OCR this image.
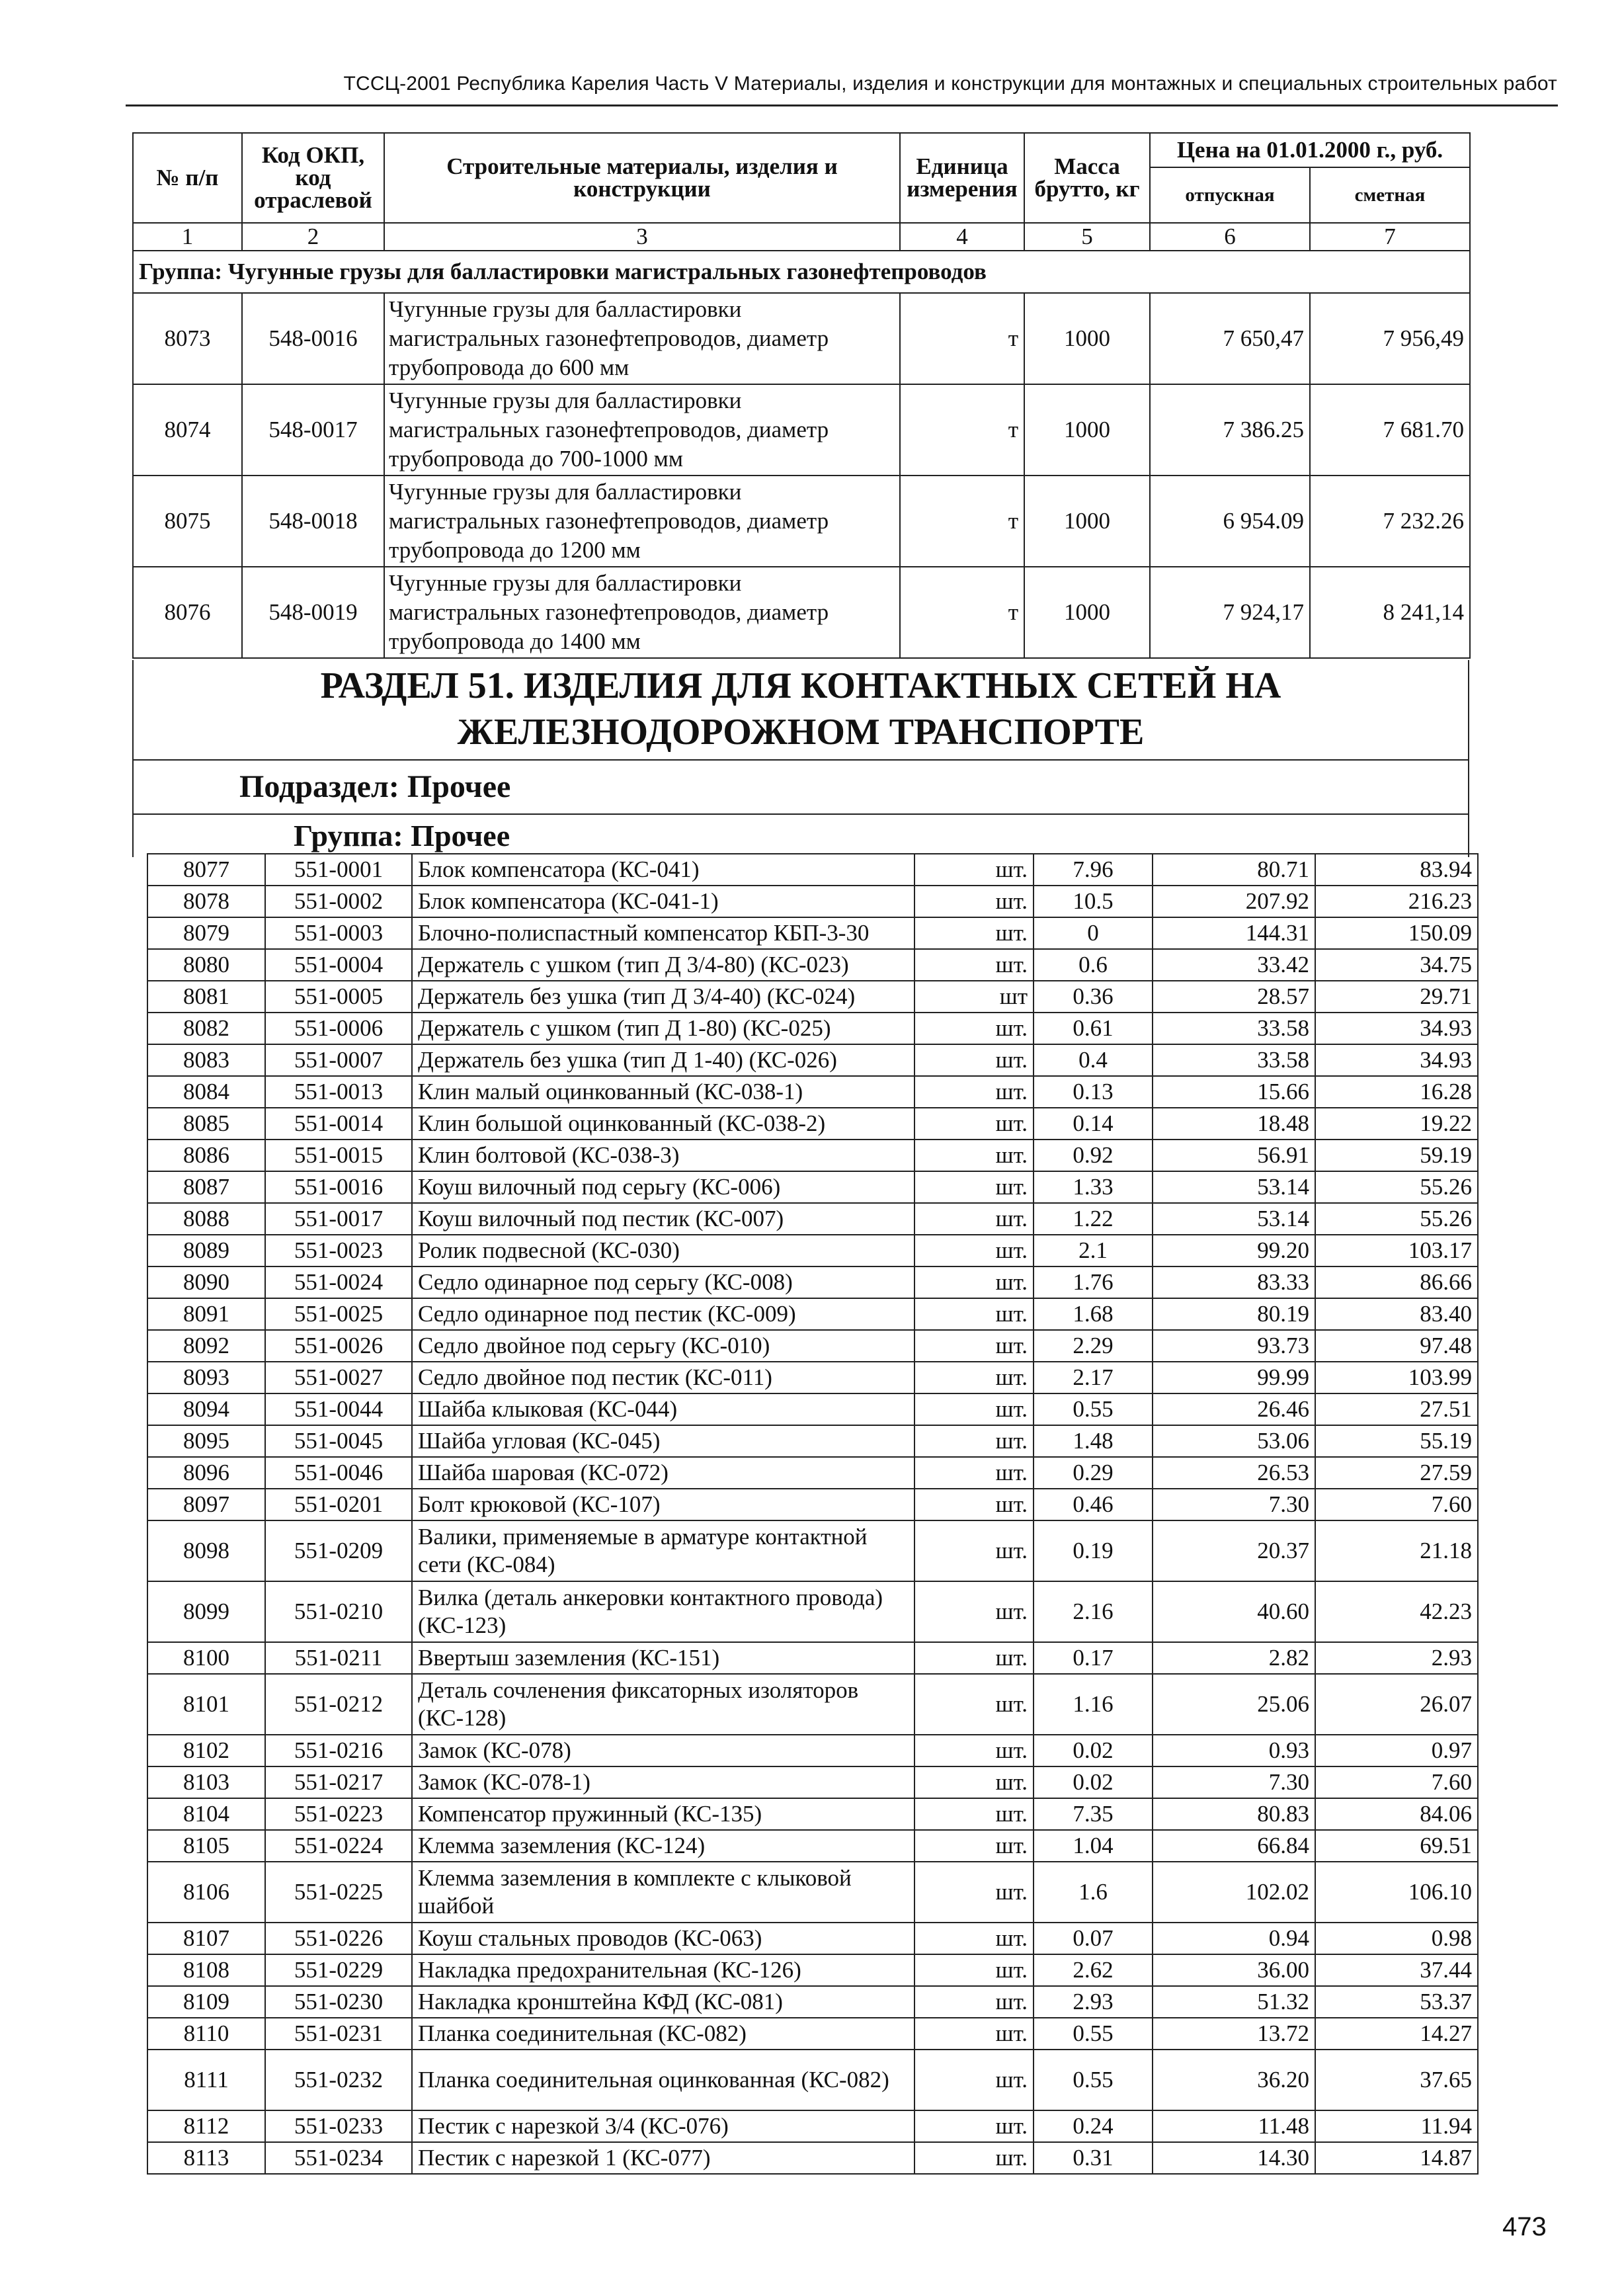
ТССЦ-2001 Республика Карелия Часть V Материалы, изделия и конструкции для монтажных и специальных строительных работ
№ п/п	Код ОКП, код отраслевой	Строительные материалы, изделия и конструкции	Единица измерения	Масса брутто, кг	Цена на 01.01.2000 г., руб.	
					отпускная	сметная
1	2	3	4	5	6	7
Группа: Чугунные грузы для балластировки магистральных газонефтепроводов						
8073	548-0016	Чугунные грузы для балластировки магистральных газонефтепроводов, диаметр трубопровода до 600 мм	т	1000	7 650,47	7 956,49
8074	548-0017	Чугунные грузы для балластировки магистральных газонефтепроводов, диаметр трубопровода до 700-1000 мм	т	1000	7 386.25	7 681.70
8075	548-0018	Чугунные грузы для балластировки магистральных газонефтепроводов, диаметр трубопровода до 1200 мм	т	1000	6 954.09	7 232.26
8076	548-0019	Чугунные грузы для балластировки магистральных газонефтепроводов, диаметр трубопровода до 1400 мм	т	1000	7 924,17	8 241,14
РАЗДЕЛ 51. ИЗДЕЛИЯ ДЛЯ КОНТАКТНЫХ СЕТЕЙ НА
ЖЕЛЕЗНОДОРОЖНОМ ТРАНСПОРТЕ
Подраздел: Прочее
Группа: Прочее
8077	551-0001	Блок компенсатора (КС-041)	шт.	7.96	80.71	83.94
8078	551-0002	Блок компенсатора (КС-041-1)	шт.	10.5	207.92	216.23
8079	551-0003	Блочно-полиспастный компенсатор КБП-3-30	шт.	0	144.31	150.09
8080	551-0004	Держатель с ушком (тип Д 3/4-80) (КС-023)	шт.	0.6	33.42	34.75
8081	551-0005	Держатель без ушка (тип Д 3/4-40) (КС-024)	шт	0.36	28.57	29.71
8082	551-0006	Держатель с ушком (тип Д 1-80) (КС-025)	шт.	0.61	33.58	34.93
8083	551-0007	Держатель без ушка (тип Д 1-40) (КС-026)	шт.	0.4	33.58	34.93
8084	551-0013	Клин малый оцинкованный (КС-038-1)	шт.	0.13	15.66	16.28
8085	551-0014	Клин большой оцинкованный (КС-038-2)	шт.	0.14	18.48	19.22
8086	551-0015	Клин болтовой (КС-038-3)	шт.	0.92	56.91	59.19
8087	551-0016	Коуш вилочный под серьгу (КС-006)	шт.	1.33	53.14	55.26
8088	551-0017	Коуш вилочный под пестик (КС-007)	шт.	1.22	53.14	55.26
8089	551-0023	Ролик подвесной (КС-030)	шт.	2.1	99.20	103.17
8090	551-0024	Седло одинарное под серьгу (КС-008)	шт.	1.76	83.33	86.66
8091	551-0025	Седло одинарное под пестик (КС-009)	шт.	1.68	80.19	83.40
8092	551-0026	Седло двойное под серьгу (КС-010)	шт.	2.29	93.73	97.48
8093	551-0027	Седло двойное под пестик (КС-011)	шт.	2.17	99.99	103.99
8094	551-0044	Шайба клыковая (КС-044)	шт.	0.55	26.46	27.51
8095	551-0045	Шайба угловая (КС-045)	шт.	1.48	53.06	55.19
8096	551-0046	Шайба шаровая (КС-072)	шт.	0.29	26.53	27.59
8097	551-0201	Болт крюковой (КС-107)	шт.	0.46	7.30	7.60
8098	551-0209	Валики, применяемые в арматуре контактной сети (КС-084)	шт.	0.19	20.37	21.18
8099	551-0210	Вилка (деталь анкеровки контактного провода) (КС-123)	шт.	2.16	40.60	42.23
8100	551-0211	Ввертыш заземления (КС-151)	шт.	0.17	2.82	2.93
8101	551-0212	Деталь сочленения фиксаторных изоляторов (КС-128)	шт.	1.16	25.06	26.07
8102	551-0216	Замок (КС-078)	шт.	0.02	0.93	0.97
8103	551-0217	Замок (КС-078-1)	шт.	0.02	7.30	7.60
8104	551-0223	Компенсатор пружинный (КС-135)	шт.	7.35	80.83	84.06
8105	551-0224	Клемма заземления (КС-124)	шт.	1.04	66.84	69.51
8106	551-0225	Клемма заземления в комплекте с клыковой шайбой	шт.	1.6	102.02	106.10
8107	551-0226	Коуш стальных проводов (КС-063)	шт.	0.07	0.94	0.98
8108	551-0229	Накладка предохранительная (КС-126)	шт.	2.62	36.00	37.44
8109	551-0230	Накладка кронштейна КФД (КС-081)	шт.	2.93	51.32	53.37
8110	551-0231	Планка соединительная (КС-082)	шт.	0.55	13.72	14.27
8111	551-0232	Планка соединительная оцинкованная (КС-082)	шт.	0.55	36.20	37.65
8112	551-0233	Пестик с нарезкой 3/4 (КС-076)	шт.	0.24	11.48	11.94
8113	551-0234	Пестик с нарезкой 1 (КС-077)	шт.	0.31	14.30	14.87
473
